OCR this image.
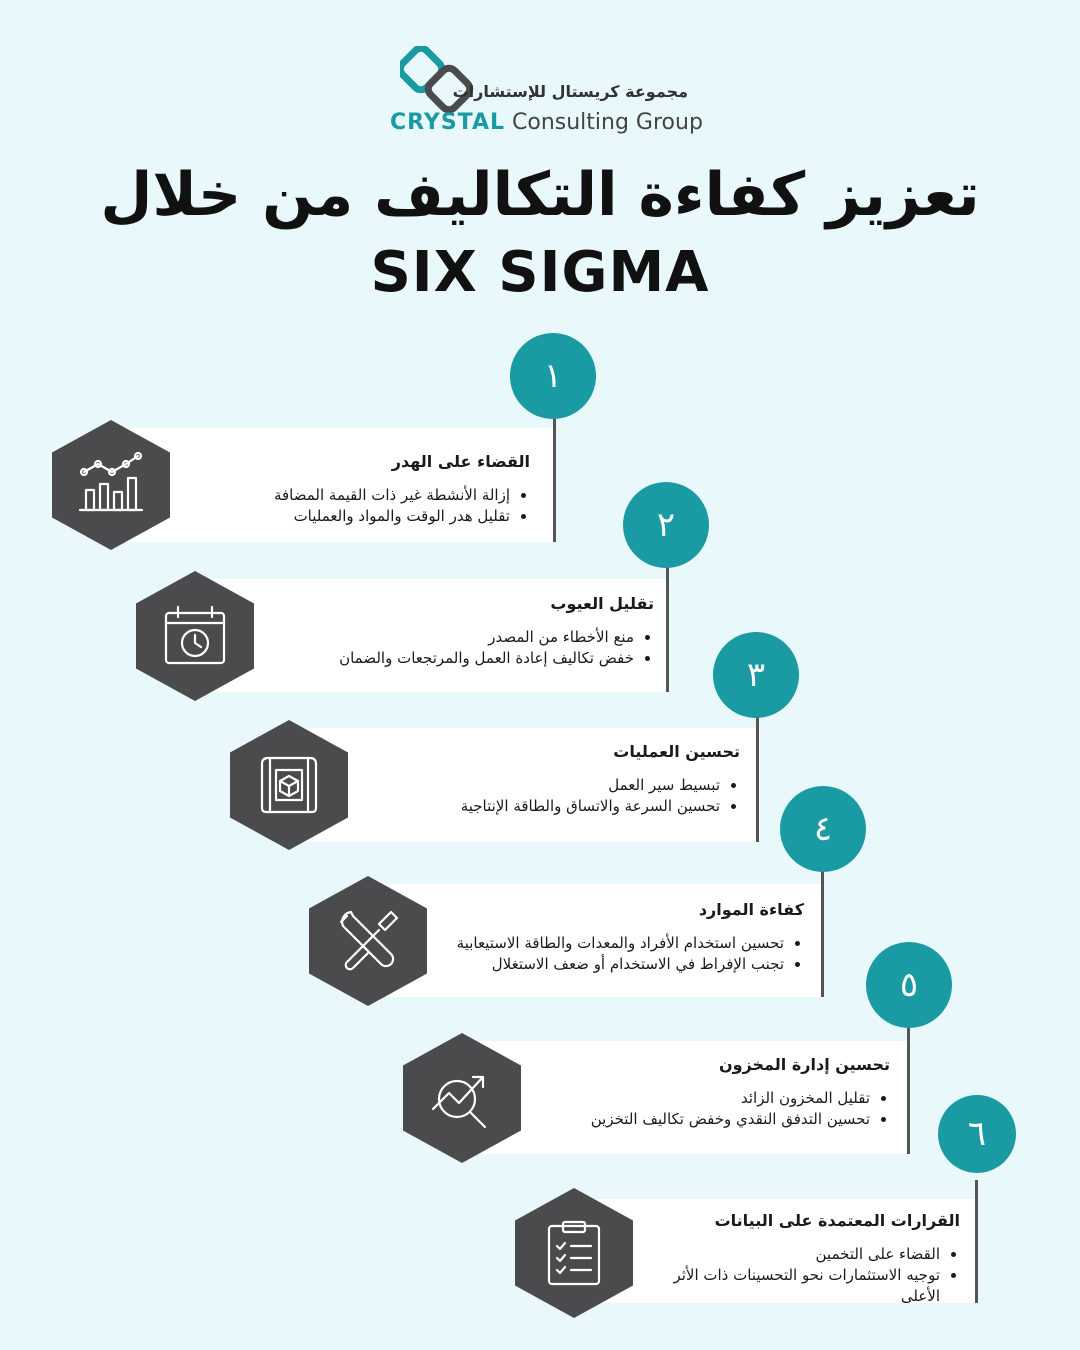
مجموعة كريستال للإستشارات
CRYSTAL Consulting Group
تعزيز كفاءة التكاليف من خلال
SIX SIGMA
القضاء على الهدر
• إزالة الأنشطة غير ذات القيمة المضافة
• تقليل هدر الوقت والمواد والعمليات
١
تقليل العيوب
• منع الأخطاء من المصدر
• خفض تكاليف إعادة العمل والمرتجعات والضمان
٢
تحسين العمليات
• تبسيط سير العمل
• تحسين السرعة والاتساق والطاقة الإنتاجية
٣
كفاءة الموارد
• تحسين استخدام الأفراد والمعدات والطاقة الاستيعابية
• تجنب الإفراط في الاستخدام أو ضعف الاستغلال
٤
تحسين إدارة المخزون
• تقليل المخزون الزائد
• تحسين التدفق النقدي وخفض تكاليف التخزين
٥
القرارات المعتمدة على البيانات
• القضاء على التخمين
• توجيه الاستثمارات نحو التحسينات ذات الأثر الأعلى
٦
